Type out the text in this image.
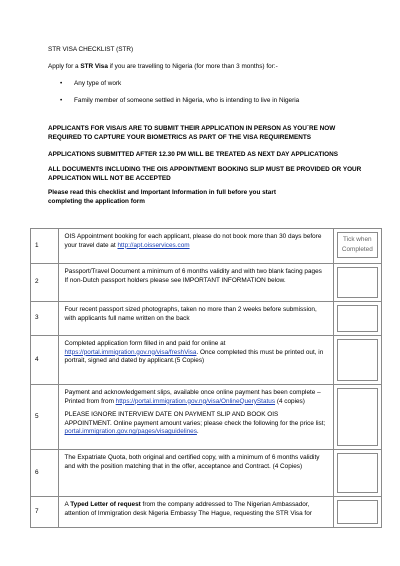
STR VISA CHECKLIST (STR)
Apply for a STR Visa if you are travelling to Nigeria (for more than 3 months) for:-
• Any type of work
• Family member of someone settled in Nigeria, who is intending to live in Nigeria
APPLICANTS FOR VISA/S ARE TO SUBMIT THEIR APPLICATION IN PERSON AS YOU`RE NOW REQUIRED TO CAPTURE YOUR BIOMETRICS AS PART OF THE VISA REQUIREMENTS
APPLICATIONS SUBMITTED AFTER 12.30 PM WILL BE TREATED AS NEXT DAY APPLICATIONS
ALL DOCUMENTS INCLUDING THE OIS APPOINTMENT BOOKING SLIP MUST BE PROVIDED OR YOUR APPLICATION WILL NOT BE ACCEPTED
Please read this checklist and Important Information in full before you start completing the application form
1	OIS Appointment booking for each applicant, please do not book more than 30 days before your travel date at http://apt.oisservices.com	Tick when Completed

2	Passport/Travel Document a minimum of 6 months validity and with two blank facing pages If non-Dutch passport holders please see IMPORTANT INFORMATION below.	

3	Four recent passport sized photographs, taken no more than 2 weeks before submission, with applicants full name written on the back	

4	Completed application form filled in and paid for online at https://portal.immigration.gov.ng/visa/freshVisa. Once completed this must be printed out, in portrait, signed and dated by applicant.(5 Copies)	

5	Payment and acknowledgement slips, available once online payment has been complete – Printed from from https://portal.immigration.gov.ng/visa/OnlineQueryStatus (4 copies)

PLEASE IGNORE INTERVIEW DATE ON PAYMENT SLIP AND BOOK OIS APPOINTMENT. Online payment amount varies; please check the following for the price list; portal.immigration.gov.ng/pages/visaguidelines.	

6	The Expatriate Quota, both original and certified copy, with a minimum of 6 months validity and with the position matching that in the offer, acceptance and Contract. (4 Copies)	

7	A Typed Letter of request from the company addressed to The Nigerian Ambassador, attention of Immigration desk Nigeria Embassy The Hague, requesting the STR Visa for	
